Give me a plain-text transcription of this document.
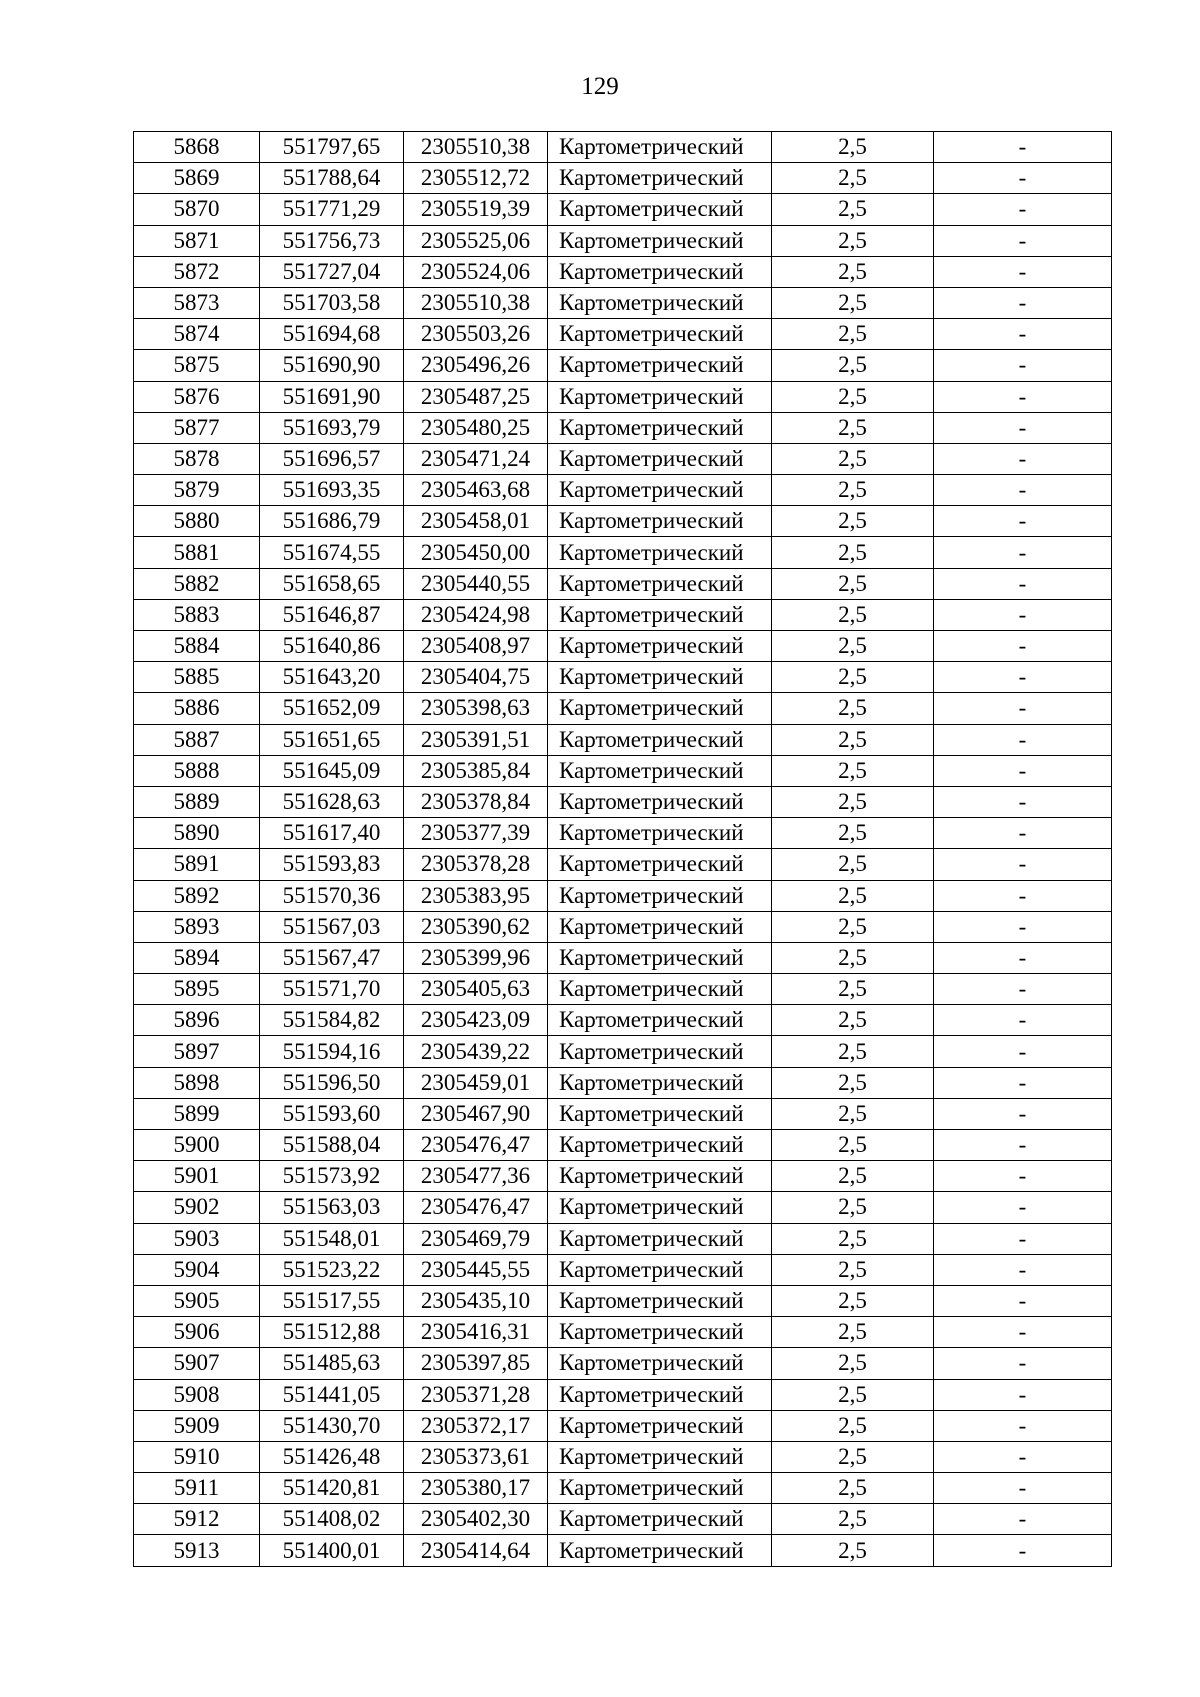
129
5868	551797,65	2305510,38	Картометрический	2,5	-
5869	551788,64	2305512,72	Картометрический	2,5	-
5870	551771,29	2305519,39	Картометрический	2,5	-
5871	551756,73	2305525,06	Картометрический	2,5	-
5872	551727,04	2305524,06	Картометрический	2,5	-
5873	551703,58	2305510,38	Картометрический	2,5	-
5874	551694,68	2305503,26	Картометрический	2,5	-
5875	551690,90	2305496,26	Картометрический	2,5	-
5876	551691,90	2305487,25	Картометрический	2,5	-
5877	551693,79	2305480,25	Картометрический	2,5	-
5878	551696,57	2305471,24	Картометрический	2,5	-
5879	551693,35	2305463,68	Картометрический	2,5	-
5880	551686,79	2305458,01	Картометрический	2,5	-
5881	551674,55	2305450,00	Картометрический	2,5	-
5882	551658,65	2305440,55	Картометрический	2,5	-
5883	551646,87	2305424,98	Картометрический	2,5	-
5884	551640,86	2305408,97	Картометрический	2,5	-
5885	551643,20	2305404,75	Картометрический	2,5	-
5886	551652,09	2305398,63	Картометрический	2,5	-
5887	551651,65	2305391,51	Картометрический	2,5	-
5888	551645,09	2305385,84	Картометрический	2,5	-
5889	551628,63	2305378,84	Картометрический	2,5	-
5890	551617,40	2305377,39	Картометрический	2,5	-
5891	551593,83	2305378,28	Картометрический	2,5	-
5892	551570,36	2305383,95	Картометрический	2,5	-
5893	551567,03	2305390,62	Картометрический	2,5	-
5894	551567,47	2305399,96	Картометрический	2,5	-
5895	551571,70	2305405,63	Картометрический	2,5	-
5896	551584,82	2305423,09	Картометрический	2,5	-
5897	551594,16	2305439,22	Картометрический	2,5	-
5898	551596,50	2305459,01	Картометрический	2,5	-
5899	551593,60	2305467,90	Картометрический	2,5	-
5900	551588,04	2305476,47	Картометрический	2,5	-
5901	551573,92	2305477,36	Картометрический	2,5	-
5902	551563,03	2305476,47	Картометрический	2,5	-
5903	551548,01	2305469,79	Картометрический	2,5	-
5904	551523,22	2305445,55	Картометрический	2,5	-
5905	551517,55	2305435,10	Картометрический	2,5	-
5906	551512,88	2305416,31	Картометрический	2,5	-
5907	551485,63	2305397,85	Картометрический	2,5	-
5908	551441,05	2305371,28	Картометрический	2,5	-
5909	551430,70	2305372,17	Картометрический	2,5	-
5910	551426,48	2305373,61	Картометрический	2,5	-
5911	551420,81	2305380,17	Картометрический	2,5	-
5912	551408,02	2305402,30	Картометрический	2,5	-
5913	551400,01	2305414,64	Картометрический	2,5	-
